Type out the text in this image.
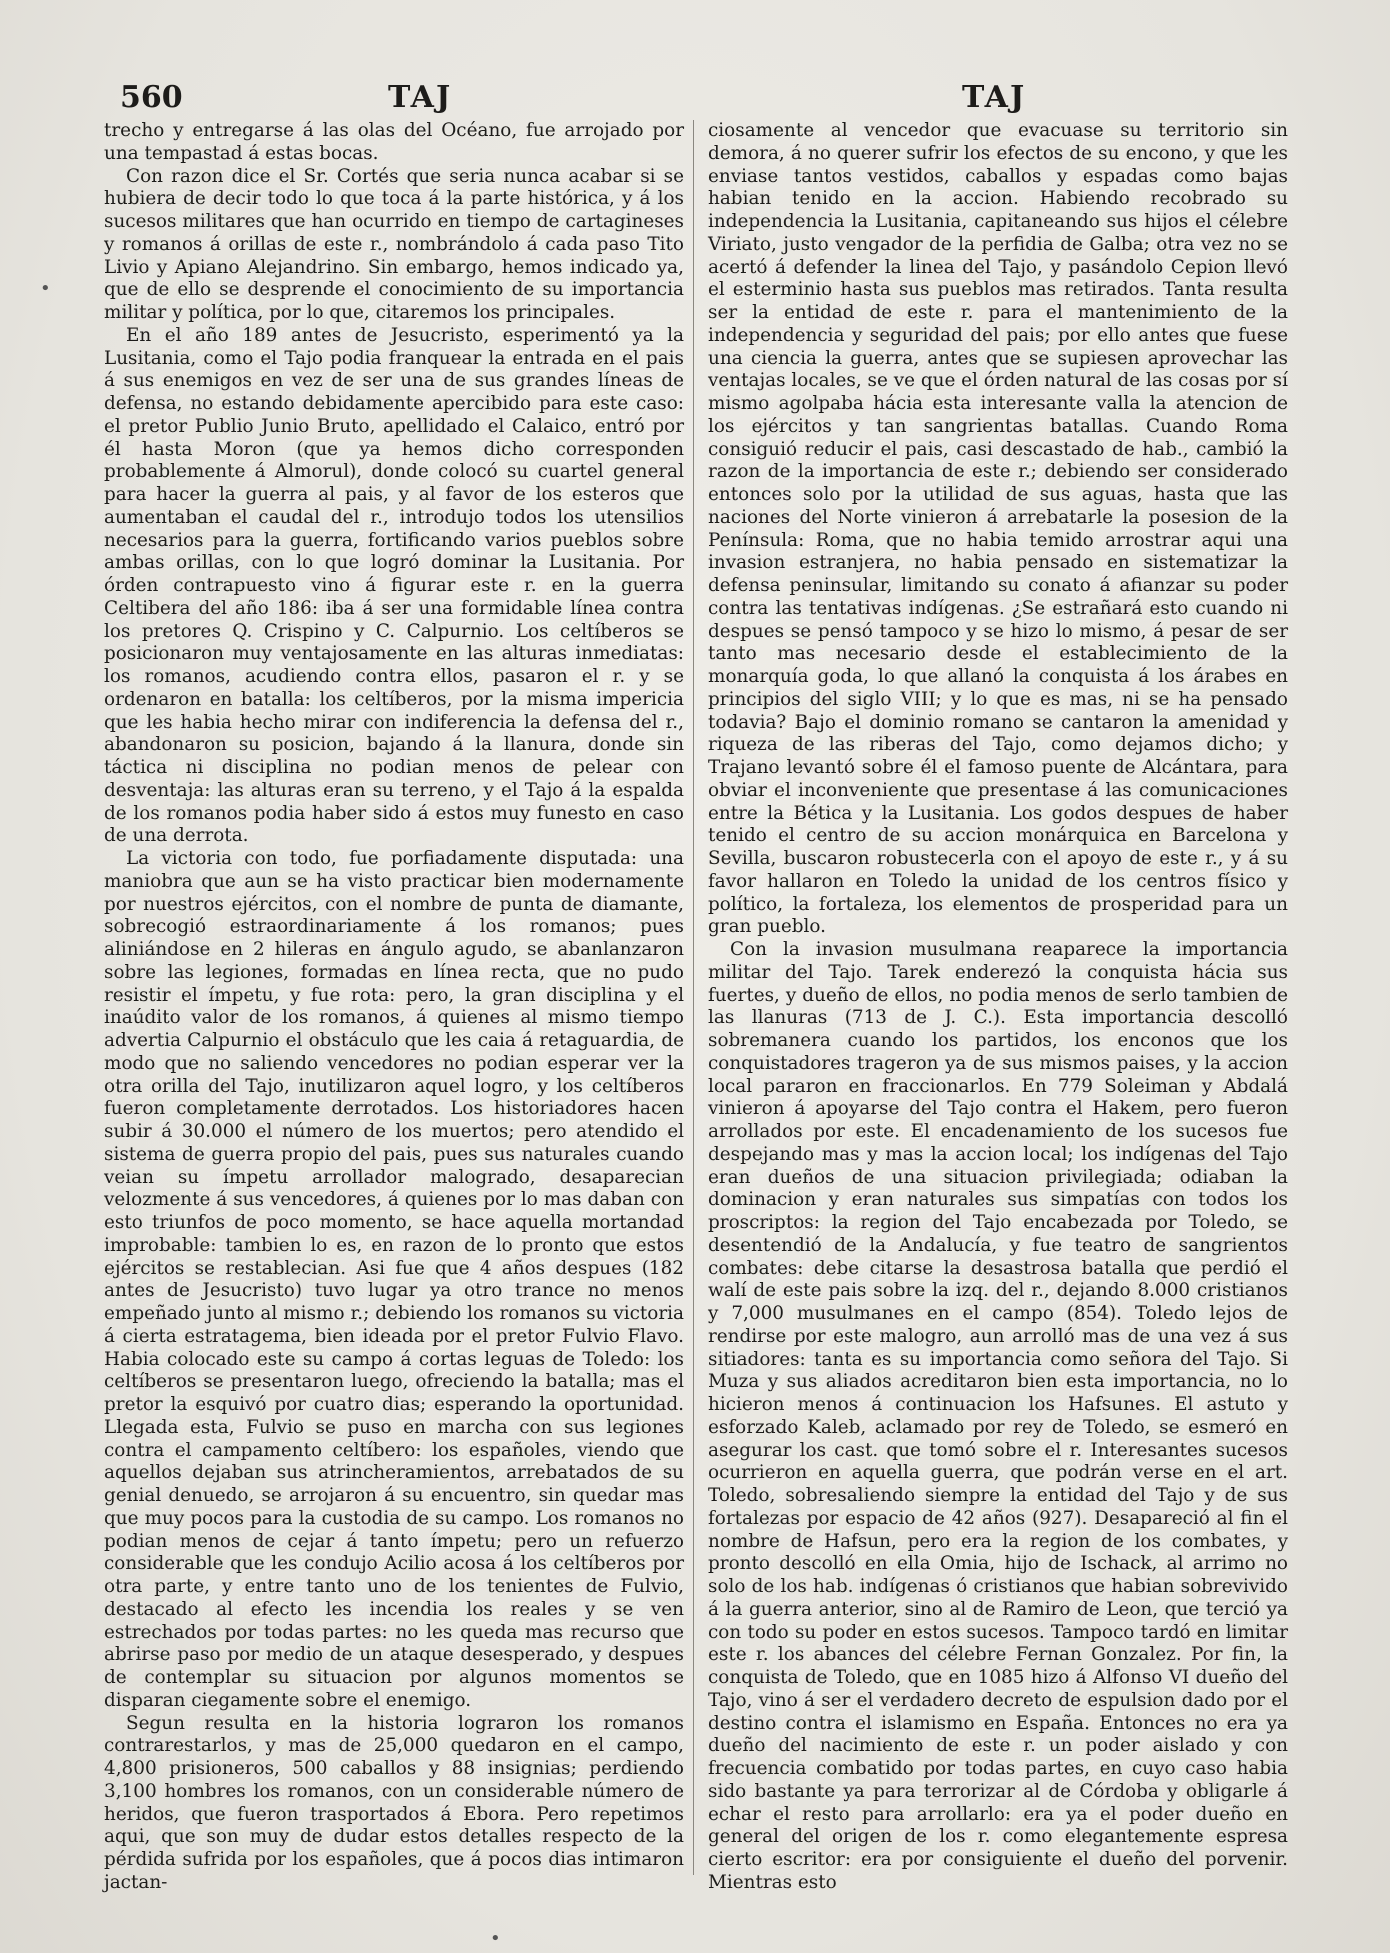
560	TAJ	TAJ

trecho y entregarse á las olas del Océano, fue arrojado por una tempastad á estas bocas.

Con razon dice el Sr. Cortés que seria nunca acabar si se hubiera de decir todo lo que toca á la parte histórica, y á los sucesos militares que han ocurrido en tiempo de cartagineses y romanos á orillas de este r., nombrándolo á cada paso Tito Livio y Apiano Alejandrino. Sin embargo, hemos indicado ya, que de ello se desprende el conocimiento de su importancia militar y política, por lo que, citaremos los principales.

En el año 189 antes de Jesucristo, esperimentó ya la Lusitania, como el Tajo podia franquear la entrada en el pais á sus enemigos en vez de ser una de sus grandes líneas de defensa, no estando debidamente apercibido para este caso: el pretor Publio Junio Bruto, apellidado el Calaico, entró por él hasta Moron (que ya hemos dicho corresponden probablemente á Almorul), donde colocó su cuartel general para hacer la guerra al pais, y al favor de los esteros que aumentaban el caudal del r., introdujo todos los utensilios necesarios para la guerra, fortificando varios pueblos sobre ambas orillas, con lo que logró dominar la Lusitania. Por órden contrapuesto vino á figurar este r. en la guerra Celtibera del año 186: iba á ser una formidable línea contra los pretores Q. Crispino y C. Calpurnio. Los celtíberos se posicionaron muy ventajosamente en las alturas inmediatas: los romanos, acudiendo contra ellos, pasaron el r. y se ordenaron en batalla: los celtíberos, por la misma impericia que les habia hecho mirar con indiferencia la defensa del r., abandonaron su posicion, bajando á la llanura, donde sin táctica ni disciplina no podian menos de pelear con desventaja: las alturas eran su terreno, y el Tajo á la espalda de los romanos podia haber sido á estos muy funesto en caso de una derrota.

La victoria con todo, fue porfiadamente disputada: una maniobra que aun se ha visto practicar bien modernamente por nuestros ejércitos, con el nombre de punta de diamante, sobrecogió estraordinariamente á los romanos; pues aliniándose en 2 hileras en ángulo agudo, se abanlanzaron sobre las legiones, formadas en línea recta, que no pudo resistir el ímpetu, y fue rota: pero, la gran disciplina y el inaúdito valor de los romanos, á quienes al mismo tiempo advertia Calpurnio el obstáculo que les caia á retaguardia, de modo que no saliendo vencedores no podian esperar ver la otra orilla del Tajo, inutilizaron aquel logro, y los celtíberos fueron completamente derrotados. Los historiadores hacen subir á 30.000 el número de los muertos; pero atendido el sistema de guerra propio del pais, pues sus naturales cuando veian su ímpetu arrollador malogrado, desaparecian velozmente á sus vencedores, á quienes por lo mas daban con esto triunfos de poco momento, se hace aquella mortandad improbable: tambien lo es, en razon de lo pronto que estos ejércitos se restablecian. Asi fue que 4 años despues (182 antes de Jesucristo) tuvo lugar ya otro trance no menos empeñado junto al mismo r.; debiendo los romanos su victoria á cierta estratagema, bien ideada por el pretor Fulvio Flavo. Habia colocado este su campo á cortas leguas de Toledo: los celtíberos se presentaron luego, ofreciendo la batalla; mas el pretor la esquivó por cuatro dias; esperando la oportunidad. Llegada esta, Fulvio se puso en marcha con sus legiones contra el campamento celtíbero: los españoles, viendo que aquellos dejaban sus atrincheramientos, arrebatados de su genial denuedo, se arrojaron á su encuentro, sin quedar mas que muy pocos para la custodia de su campo. Los romanos no podian menos de cejar á tanto ímpetu; pero un refuerzo considerable que les condujo Acilio acosa á los celtíberos por otra parte, y entre tanto uno de los tenientes de Fulvio, destacado al efecto les incendia los reales y se ven estrechados por todas partes: no les queda mas recurso que abrirse paso por medio de un ataque desesperado, y despues de contemplar su situacion por algunos momentos se disparan ciegamente sobre el enemigo.

Segun resulta en la historia lograron los romanos contrarestarlos, y mas de 25,000 quedaron en el campo, 4,800 prisioneros, 500 caballos y 88 insignias; perdiendo 3,100 hombres los romanos, con un considerable número de heridos, que fueron trasportados á Ebora. Pero repetimos aqui, que son muy de dudar estos detalles respecto de la pérdida sufrida por los españoles, que á pocos dias intimaron jactan-

ciosamente al vencedor que evacuase su territorio sin demora, á no querer sufrir los efectos de su encono, y que les enviase tantos vestidos, caballos y espadas como bajas habian tenido en la accion. Habiendo recobrado su independencia la Lusitania, capitaneando sus hijos el célebre Viriato, justo vengador de la perfidia de Galba; otra vez no se acertó á defender la linea del Tajo, y pasándolo Cepion llevó el esterminio hasta sus pueblos mas retirados. Tanta resulta ser la entidad de este r. para el mantenimiento de la independencia y seguridad del pais; por ello antes que fuese una ciencia la guerra, antes que se supiesen aprovechar las ventajas locales, se ve que el órden natural de las cosas por sí mismo agolpaba hácia esta interesante valla la atencion de los ejércitos y tan sangrientas batallas. Cuando Roma consiguió reducir el pais, casi descastado de hab., cambió la razon de la importancia de este r.; debiendo ser considerado entonces solo por la utilidad de sus aguas, hasta que las naciones del Norte vinieron á arrebatarle la posesion de la Península: Roma, que no habia temido arrostrar aqui una invasion estranjera, no habia pensado en sistematizar la defensa peninsular, limitando su conato á afianzar su poder contra las tentativas indígenas. ¿Se estrañará esto cuando ni despues se pensó tampoco y se hizo lo mismo, á pesar de ser tanto mas necesario desde el establecimiento de la monarquía goda, lo que allanó la conquista á los árabes en principios del siglo VIII; y lo que es mas, ni se ha pensado todavia? Bajo el dominio romano se cantaron la amenidad y riqueza de las riberas del Tajo, como dejamos dicho; y Trajano levantó sobre él el famoso puente de Alcántara, para obviar el inconveniente que presentase á las comunicaciones entre la Bética y la Lusitania. Los godos despues de haber tenido el centro de su accion monárquica en Barcelona y Sevilla, buscaron robustecerla con el apoyo de este r., y á su favor hallaron en Toledo la unidad de los centros físico y político, la fortaleza, los elementos de prosperidad para un gran pueblo.

Con la invasion musulmana reaparece la importancia militar del Tajo. Tarek enderezó la conquista hácia sus fuertes, y dueño de ellos, no podia menos de serlo tambien de las llanuras (713 de J. C.). Esta importancia descolló sobremanera cuando los partidos, los enconos que los conquistadores trageron ya de sus mismos paises, y la accion local pararon en fraccionarlos. En 779 Soleiman y Abdalá vinieron á apoyarse del Tajo contra el Hakem, pero fueron arrollados por este. El encadenamiento de los sucesos fue despejando mas y mas la accion local; los indígenas del Tajo eran dueños de una situacion privilegiada; odiaban la dominacion y eran naturales sus simpatías con todos los proscriptos: la region del Tajo encabezada por Toledo, se desentendió de la Andalucía, y fue teatro de sangrientos combates: debe citarse la desastrosa batalla que perdió el walí de este pais sobre la izq. del r., dejando 8.000 cristianos y 7,000 musulmanes en el campo (854). Toledo lejos de rendirse por este malogro, aun arrolló mas de una vez á sus sitiadores: tanta es su importancia como señora del Tajo. Si Muza y sus aliados acreditaron bien esta importancia, no lo hicieron menos á continuacion los Hafsunes. El astuto y esforzado Kaleb, aclamado por rey de Toledo, se esmeró en asegurar los cast. que tomó sobre el r. Interesantes sucesos ocurrieron en aquella guerra, que podrán verse en el art. Toledo, sobresaliendo siempre la entidad del Tajo y de sus fortalezas por espacio de 42 años (927). Desapareció al fin el nombre de Hafsun, pero era la region de los combates, y pronto descolló en ella Omia, hijo de Ischack, al arrimo no solo de los hab. indígenas ó cristianos que habian sobrevivido á la guerra anterior, sino al de Ramiro de Leon, que terció ya con todo su poder en estos sucesos. Tampoco tardó en limitar este r. los abances del célebre Fernan Gonzalez. Por fin, la conquista de Toledo, que en 1085 hizo á Alfonso VI dueño del Tajo, vino á ser el verdadero decreto de espulsion dado por el destino contra el islamismo en España. Entonces no era ya dueño del nacimiento de este r. un poder aislado y con frecuencia combatido por todas partes, en cuyo caso habia sido bastante ya para terrorizar al de Córdoba y obligarle á echar el resto para arrollarlo: era ya el poder dueño en general del origen de los r. como elegantemente espresa cierto escritor: era por consiguiente el dueño del porvenir. Mientras esto

•
•
